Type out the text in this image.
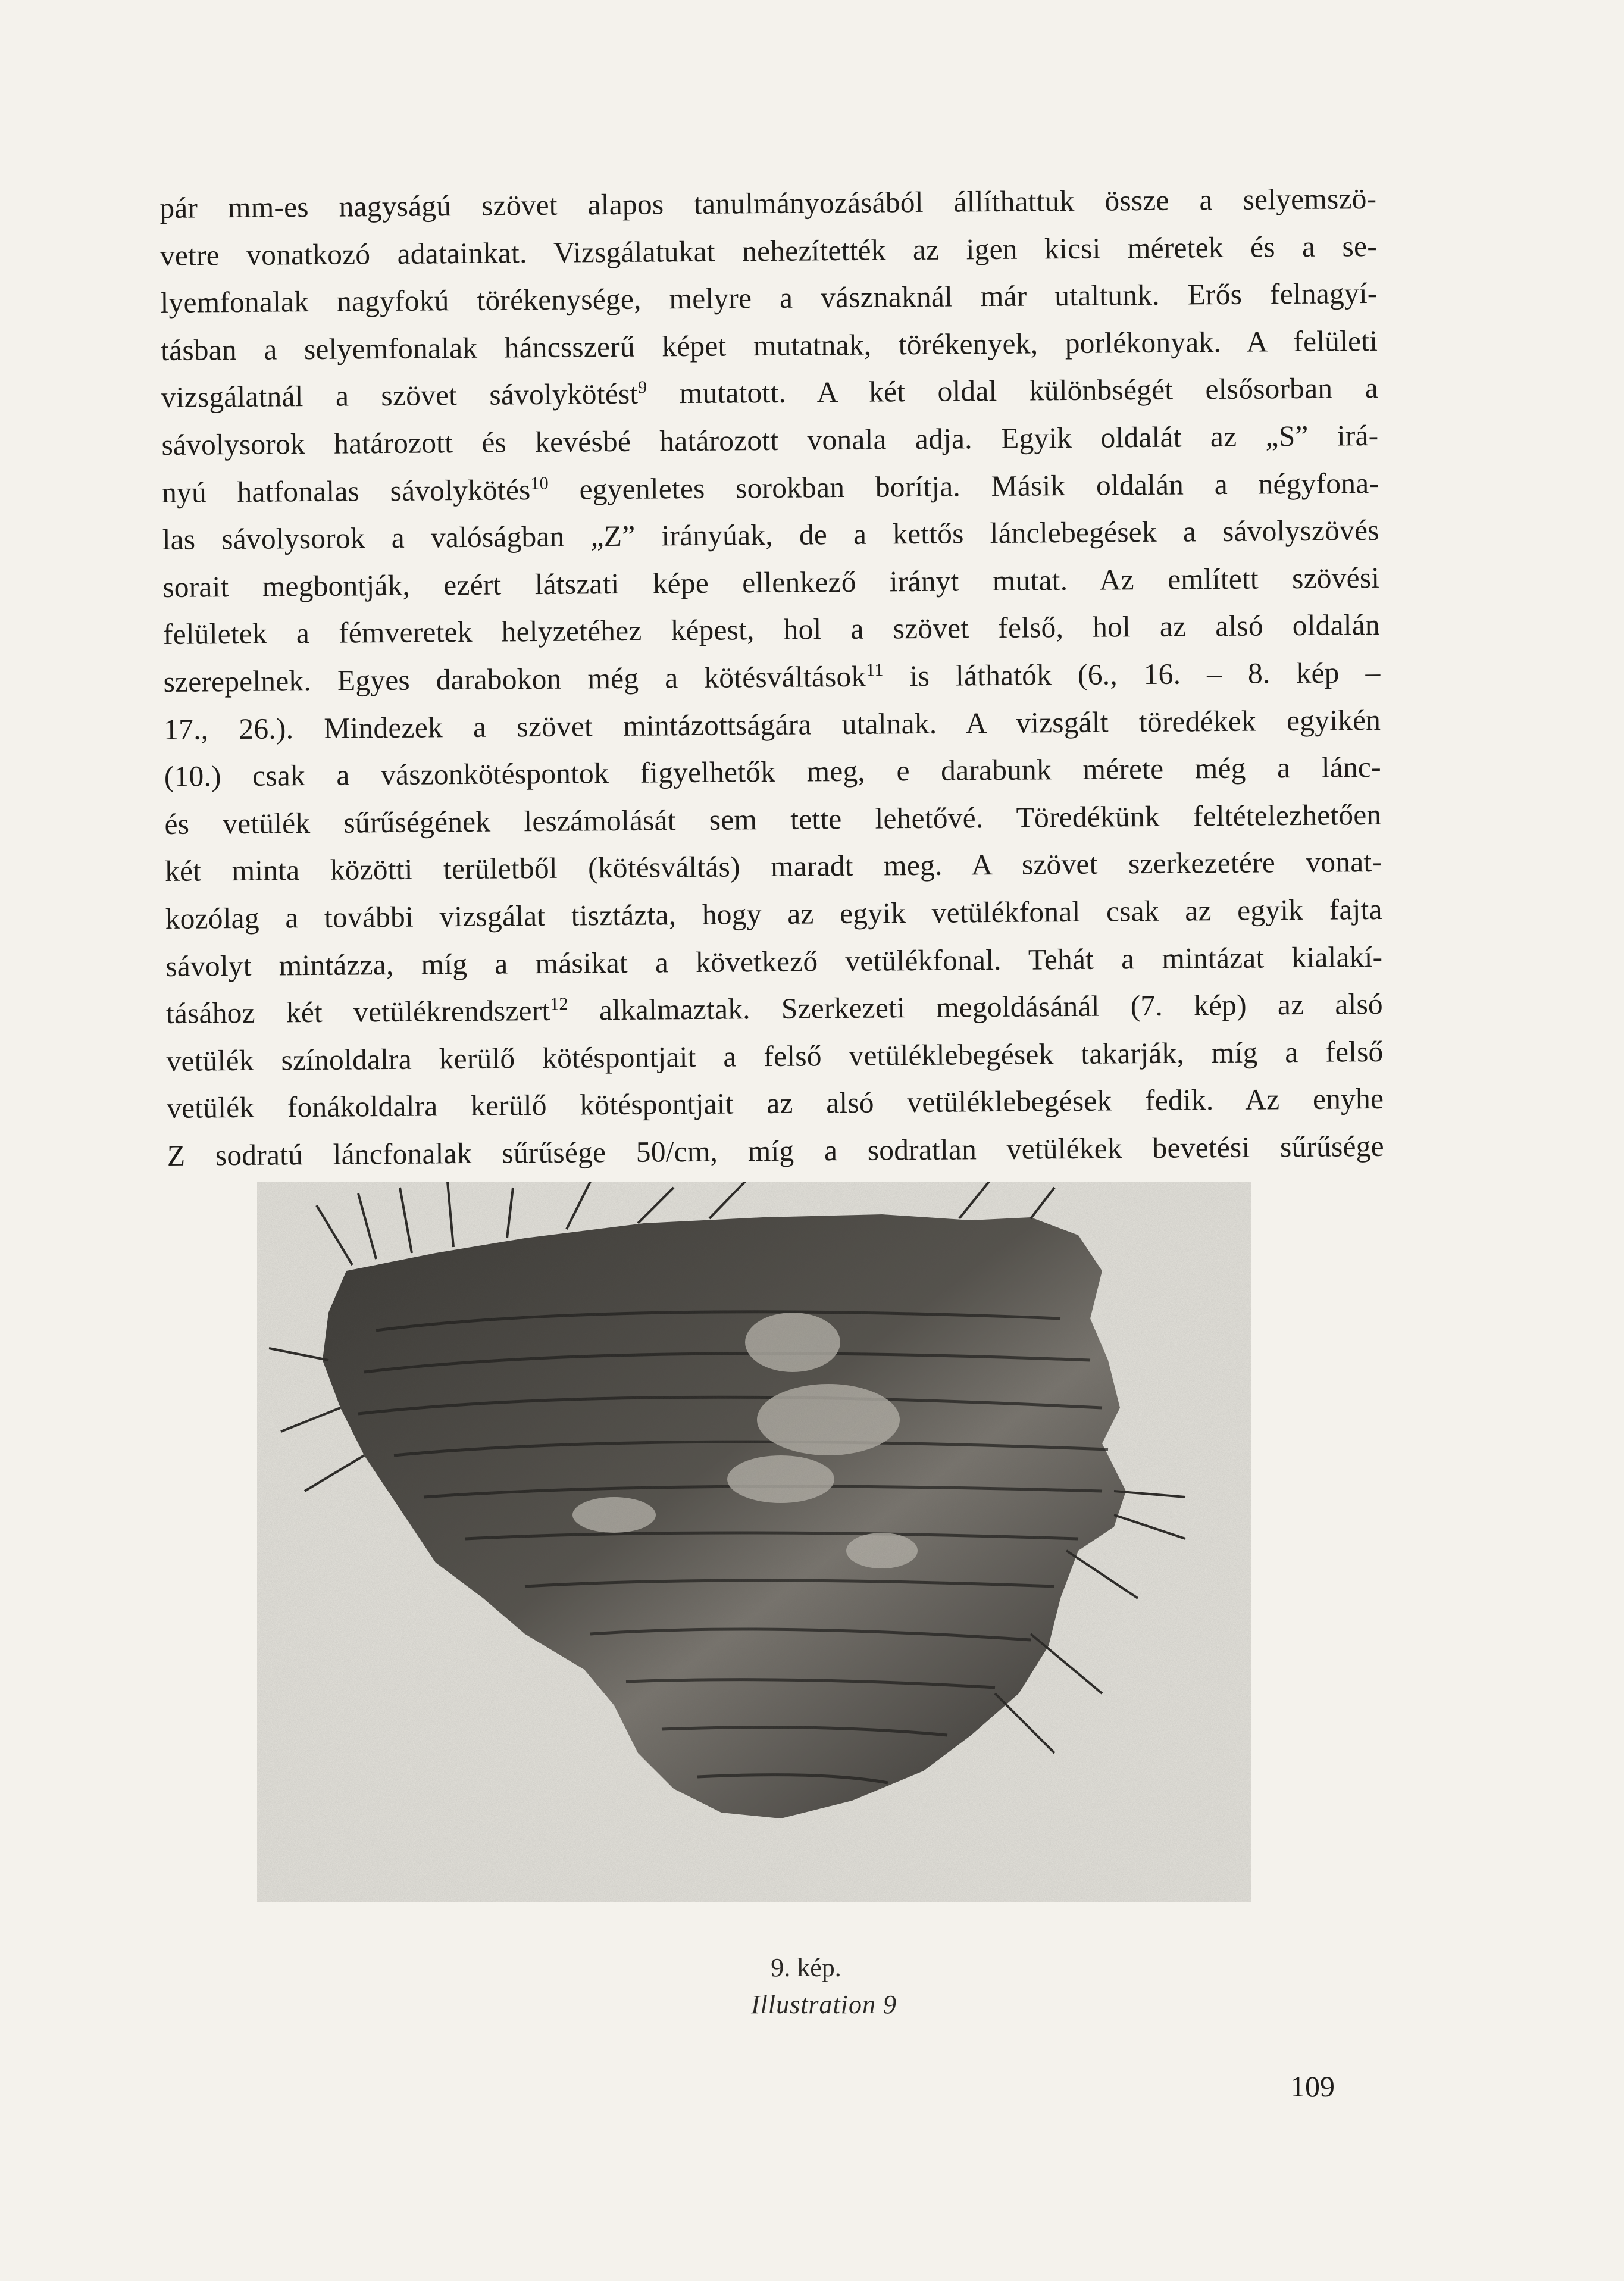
pár mm-es nagyságú szövet alapos tanulmányozásából állíthattuk össze a selyemszö-
vetre vonatkozó adatainkat. Vizsgálatukat nehezítették az igen kicsi méretek és a se-
lyemfonalak nagyfokú törékenysége, melyre a vásznaknál már utaltunk. Erős felnagyí-
tásban a selyemfonalak háncsszerű képet mutatnak, törékenyek, porlékonyak. A felületi
vizsgálatnál a szövet sávolykötést$^9$ mutatott. A két oldal különbségét elsősorban a
sávolysorok határozott és kevésbé határozott vonala adja. Egyik oldalát az „S” irá-
nyú hatfonalas sávolykötés$^{10}$ egyenletes sorokban borítja. Másik oldalán a négyfona-
las sávolysorok a valóságban „Z” irányúak, de a kettős lánclebegések a sávolyszövés
sorait megbontják, ezért látszati képe ellenkező irányt mutat. Az említett szövési
felületek a fémveretek helyzetéhez képest, hol a szövet felső, hol az alsó oldalán
szerepelnek. Egyes darabokon még a kötésváltások$^{11}$ is láthatók (6., 16. – 8. kép –
17., 26.). Mindezek a szövet mintázottságára utalnak. A vizsgált töredékek egyikén
(10.) csak a vászonkötéspontok figyelhetők meg, e darabunk mérete még a lánc-
és vetülék sűrűségének leszámolását sem tette lehetővé. Töredékünk feltételezhetően
két minta közötti területből (kötésváltás) maradt meg. A szövet szerkezetére vonat-
kozólag a további vizsgálat tisztázta, hogy az egyik vetülékfonal csak az egyik fajta
sávolyt mintázza, míg a másikat a következő vetülékfonal. Tehát a mintázat kialakí-
tásához két vetülékrendszert$^{12}$ alkalmaztak. Szerkezeti megoldásánál (7. kép) az alsó
vetülék színoldalra kerülő kötéspontjait a felső vetüléklebegések takarják, míg a felső
vetülék fonákoldalra kerülő kötéspontjait az alsó vetüléklebegések fedik. Az enyhe
Z sodratú láncfonalak sűrűsége 50/cm, míg a sodratlan vetülékek bevetési sűrűsége
9. kép.
Illustration 9
109
